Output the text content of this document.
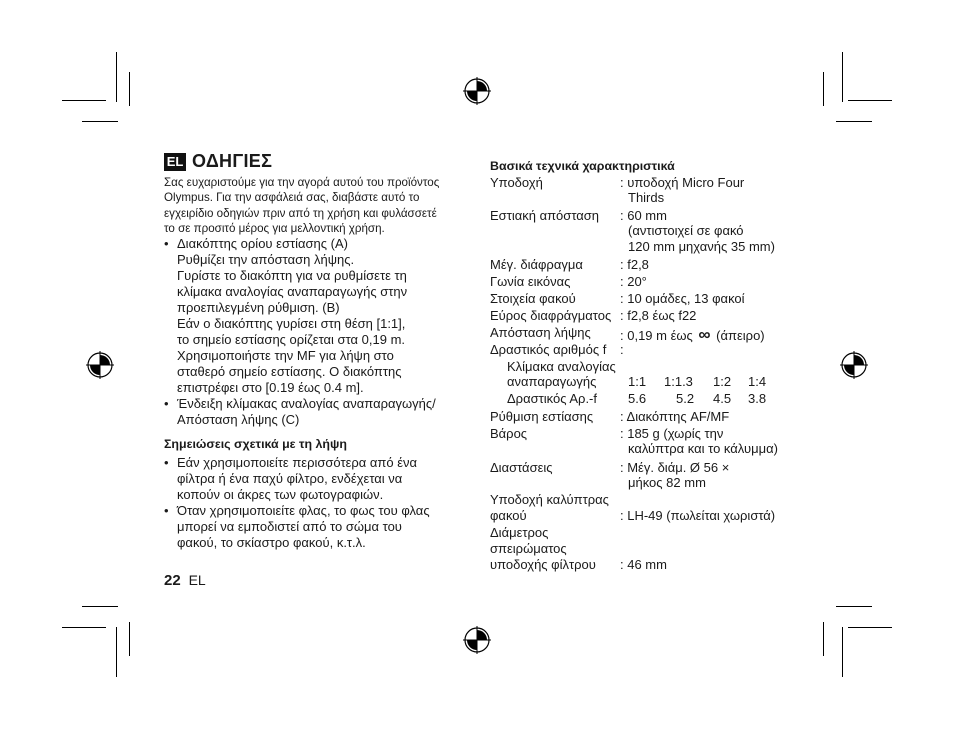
EL ΟΔΗΓΙΕΣ
Σας ευχαριστούμε για την αγορά αυτού του προϊόντος
Olympus. Για την ασφάλειά σας, διαβάστε αυτό το
εγχειρίδιο οδηγιών πριν από τη χρήση και φυλάσσετέ
το σε προσιτό μέρος για μελλοντική χρήση.
• Διακόπτης ορίου εστίασης (A)
Ρυθμίζει την απόσταση λήψης.
Γυρίστε το διακόπτη για να ρυθμίσετε τη
κλίμακα αναλογίας αναπαραγωγής στην
προεπιλεγμένη ρύθμιση. (B)
Εάν ο διακόπτης γυρίσει στη θέση [1:1],
το σημείο εστίασης ορίζεται στα 0,19 m.
Χρησιμοποιήστε την MF για λήψη στο
σταθερό σημείο εστίασης. Ο διακόπτης
επιστρέφει στο [0.19 έως 0.4 m].
• Ένδειξη κλίμακας αναλογίας αναπαραγωγής/
Απόσταση λήψης (C)
Σημειώσεις σχετικά με τη λήψη
• Εάν χρησιμοποιείτε περισσότερα από ένα
φίλτρα ή ένα παχύ φίλτρο, ενδέχεται να
κοπούν οι άκρες των φωτογραφιών.
• Όταν χρησιμοποιείτε φλας, το φως του φλας
μπορεί να εμποδιστεί από το σώμα του
φακού, το σκίαστρο φακού, κ.τ.λ.
22 EL
Βασικά τεχνικά χαρακτηριστικά
Υποδοχή	: υποδοχή Micro Four
Thirds
Εστιακή απόσταση : 60 mm
(αντιστοιχεί σε φακό
120 mm μηχανής 35 mm)
Μέγ. διάφραγμα	: f2,8
Γωνία εικόνας	: 20°
Στοιχεία φακού	: 10 ομάδες, 13 φακοί
Εύρος διαφράγματος : f2,8 έως f22
Απόσταση λήψης : 0,19 m έως ∞ (άπειρο)
Δραστικός αριθμός f :
Κλίμακα αναλογίας
αναπαραγωγής 1:1 1:1.3 1:2 1:4
Δραστικός Αρ.-f 5.6 5.2 4.5 3.8
Ρύθμιση εστίασης : Διακόπτης AF/MF
Βάρος	: 185 g (χωρίς την
καλύπτρα και το κάλυμμα)
Διαστάσεις	: Μέγ. διάμ. Ø 56 ×
μήκος 82 mm
Υποδοχή καλύπτρας
φακού	: LH-49 (πωλείται χωριστά)
Διάμετρος
σπειρώματος
υποδοχής φίλτρου : 46 mm
